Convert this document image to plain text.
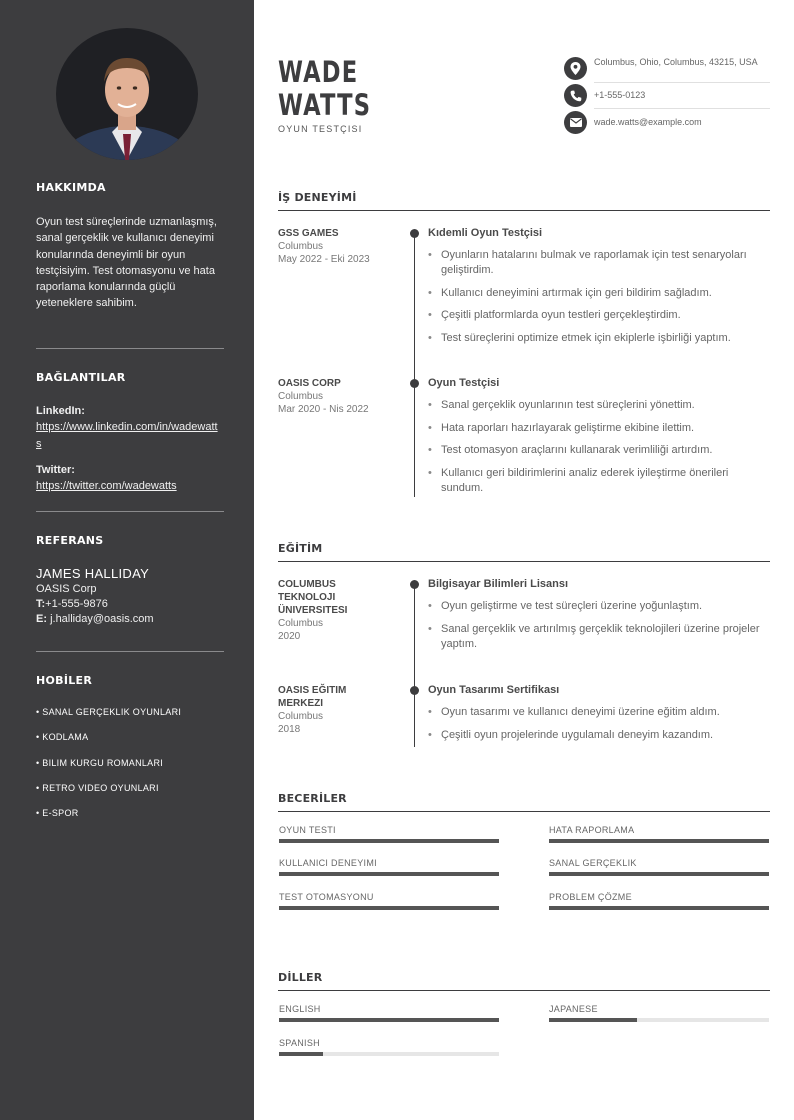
HAKKIMDA
Oyun test süreçlerinde uzmanlaşmış, sanal gerçeklik ve kullanıcı deneyimi konularında deneyimli bir oyun testçisiyim. Test otomasyonu ve hata raporlama konularında güçlü yeteneklere sahibim.
BAĞLANTILAR
LinkedIn:
https://www.linkedin.com/in/wadewatts
Twitter:
https://twitter.com/wadewatts
REFERANS
JAMES HALLIDAY
OASIS Corp
T:+1-555-9876
E: j.halliday@oasis.com
HOBİLER
• SANAL GERÇEKLIK OYUNLARI
• KODLAMA
• BILIM KURGU ROMANLARI
• RETRO VIDEO OYUNLARI
• E-SPOR
WADE
WATTS
OYUN TESTÇISI
Columbus, Ohio, Columbus, 43215, USA
+1-555-0123
wade.watts@example.com
İŞ DENEYİMİ
GSS GAMES
Columbus
May 2022 - Eki 2023
Kıdemli Oyun Testçisi
• Oyunların hatalarını bulmak ve raporlamak için test senaryoları geliştirdim.
• Kullanıcı deneyimini artırmak için geri bildirim sağladım.
• Çeşitli platformlarda oyun testleri gerçekleştirdim.
• Test süreçlerini optimize etmek için ekiplerle işbirliği yaptım.
OASIS CORP
Columbus
Mar 2020 - Nis 2022
Oyun Testçisi
• Sanal gerçeklik oyunlarının test süreçlerini yönettim.
• Hata raporları hazırlayarak geliştirme ekibine ilettim.
• Test otomasyon araçlarını kullanarak verimliliği artırdım.
• Kullanıcı geri bildirimlerini analiz ederek iyileştirme önerileri sundum.
EĞİTİM
COLUMBUS TEKNOLOJI ÜNIVERSITESI
Columbus
2020
Bilgisayar Bilimleri Lisansı
• Oyun geliştirme ve test süreçleri üzerine yoğunlaştım.
• Sanal gerçeklik ve artırılmış gerçeklik teknolojileri üzerine projeler yaptım.
OASIS EĞITIM MERKEZI
Columbus
2018
Oyun Tasarımı Sertifikası
• Oyun tasarımı ve kullanıcı deneyimi üzerine eğitim aldım.
• Çeşitli oyun projelerinde uygulamalı deneyim kazandım.
BECERİLER
OYUN TESTI	HATA RAPORLAMA
KULLANICI DENEYIMI	SANAL GERÇEKLIK
TEST OTOMASYONU	PROBLEM ÇÖZME
DİLLER
ENGLISH	JAPANESE
SPANISH
